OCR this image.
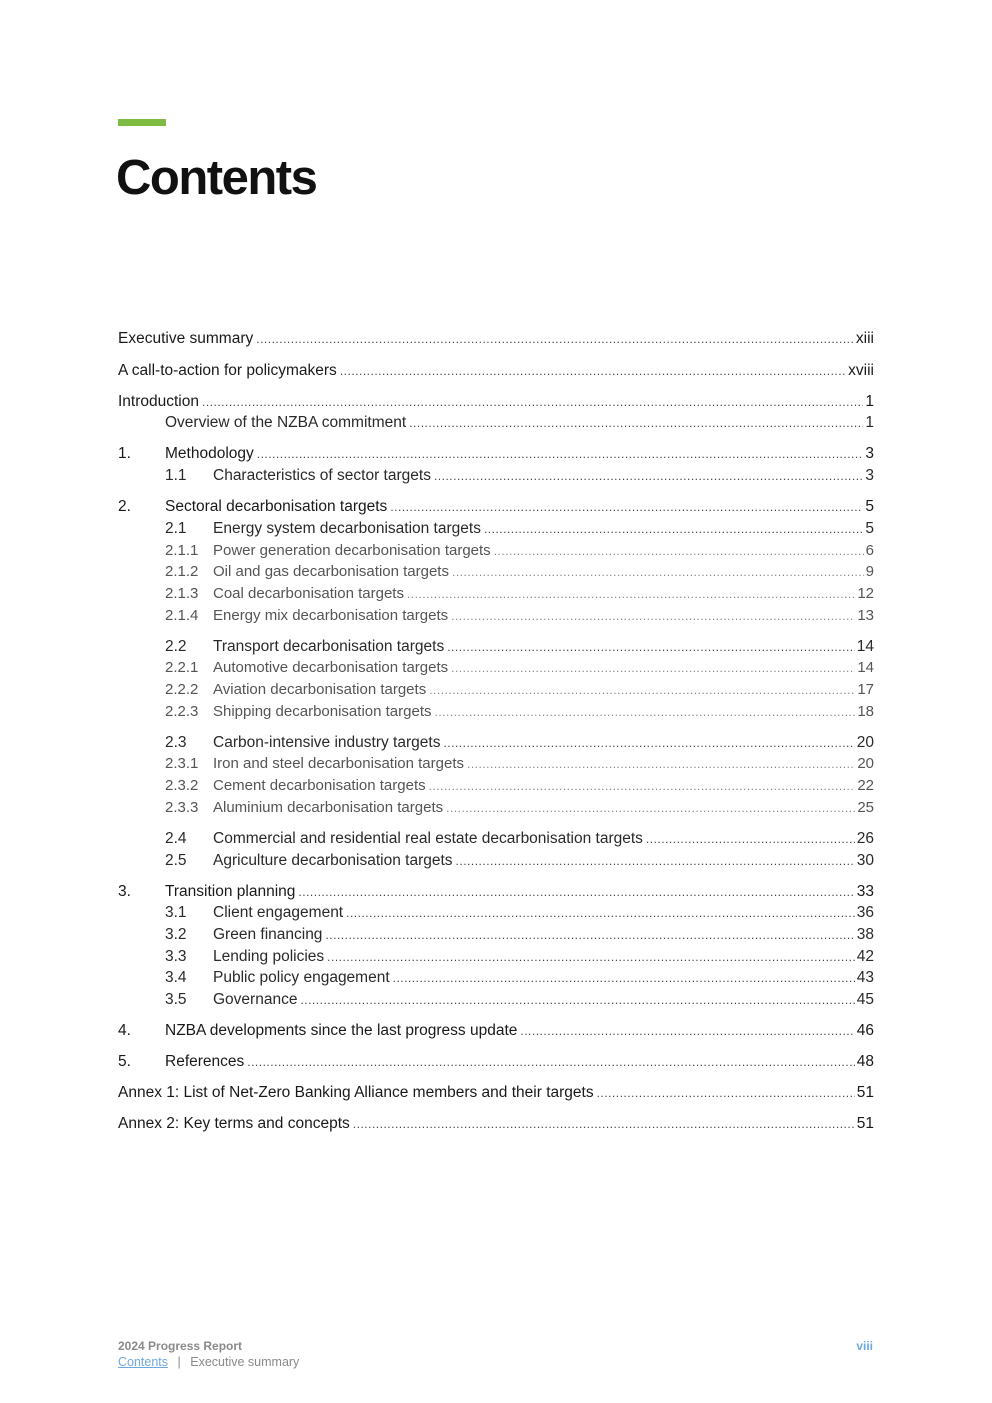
Contents
Executive summary .....	xiii
A call-to-action for policymakers .....	xviii
Introduction .....	1
Overview of the NZBA commitment .....	1
1.	Methodology .....	3
1.1	Characteristics of sector targets .....	3
2.	Sectoral decarbonisation targets .....	5
2.1	Energy system decarbonisation targets .....	5
2.1.1 Power generation decarbonisation targets .....	6
2.1.2 Oil and gas decarbonisation targets .....	9
2.1.3 Coal decarbonisation targets .....	12
2.1.4 Energy mix decarbonisation targets .....	13
2.2	Transport decarbonisation targets .....	14
2.2.1 Automotive decarbonisation targets .....	14
2.2.2 Aviation decarbonisation targets .....	17
2.2.3 Shipping decarbonisation targets .....	18
2.3	Carbon-intensive industry targets .....	20
2.3.1 Iron and steel decarbonisation targets .....	20
2.3.2 Cement decarbonisation targets .....	22
2.3.3 Aluminium decarbonisation targets .....	25
2.4	Commercial and residential real estate decarbonisation targets .....	26
2.5	Agriculture decarbonisation targets .....	30
3.	Transition planning .....	33
3.1	Client engagement .....	36
3.2	Green financing .....	38
3.3	Lending policies .....	42
3.4	Public policy engagement .....	43
3.5	Governance .....	45
4.	NZBA developments since the last progress update .....	46
5.	References .....	48
Annex 1: List of Net-Zero Banking Alliance members and their targets .....	51
Annex 2: Key terms and concepts .....	51
2024 Progress Report
Contents | Executive summary
viii
